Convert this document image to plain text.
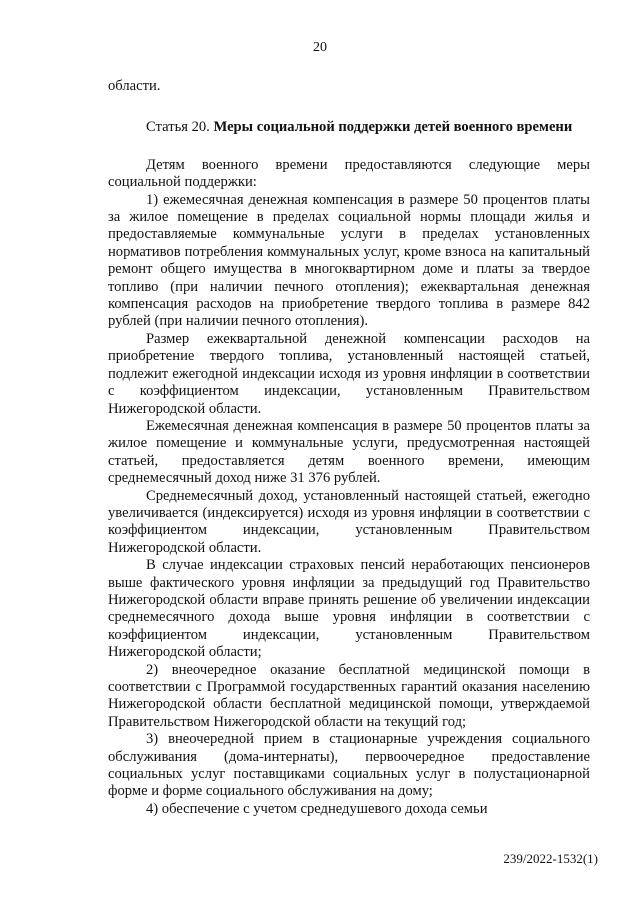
20

области.

Статья 20. Меры социальной поддержки детей военного времени

Детям военного времени предоставляются следующие меры социальной поддержки:

1) ежемесячная денежная компенсация в размере 50 процентов платы за жилое помещение в пределах социальной нормы площади жилья и предоставляемые коммунальные услуги в пределах установленных нормативов потребления коммунальных услуг, кроме взноса на капитальный ремонт общего имущества в многоквартирном доме и платы за твердое топливо (при наличии печного отопления); ежеквартальная денежная компенсация расходов на приобретение твердого топлива в размере 842 рублей (при наличии печного отопления).

Размер ежеквартальной денежной компенсации расходов на приобретение твердого топлива, установленный настоящей статьей, подлежит ежегодной индексации исходя из уровня инфляции в соответствии с коэффициентом индексации, установленным Правительством Нижегородской области.

Ежемесячная денежная компенсация в размере 50 процентов платы за жилое помещение и коммунальные услуги, предусмотренная настоящей статьей, предоставляется детям военного времени, имеющим среднемесячный доход ниже 31 376 рублей.

Среднемесячный доход, установленный настоящей статьей, ежегодно увеличивается (индексируется) исходя из уровня инфляции в соответствии с коэффициентом индексации, установленным Правительством Нижегородской области.

В случае индексации страховых пенсий неработающих пенсионеров выше фактического уровня инфляции за предыдущий год Правительство Нижегородской области вправе принять решение об увеличении индексации среднемесячного дохода выше уровня инфляции в соответствии с коэффициентом индексации, установленным Правительством Нижегородской области;

2) внеочередное оказание бесплатной медицинской помощи в соответствии с Программой государственных гарантий оказания населению Нижегородской области бесплатной медицинской помощи, утверждаемой Правительством Нижегородской области на текущий год;

3) внеочередной прием в стационарные учреждения социального обслуживания (дома-интернаты), первоочередное предоставление социальных услуг поставщиками социальных услуг в полустационарной форме и форме социального обслуживания на дому;

4) обеспечение с учетом среднедушевого дохода семьи

239/2022-1532(1)
